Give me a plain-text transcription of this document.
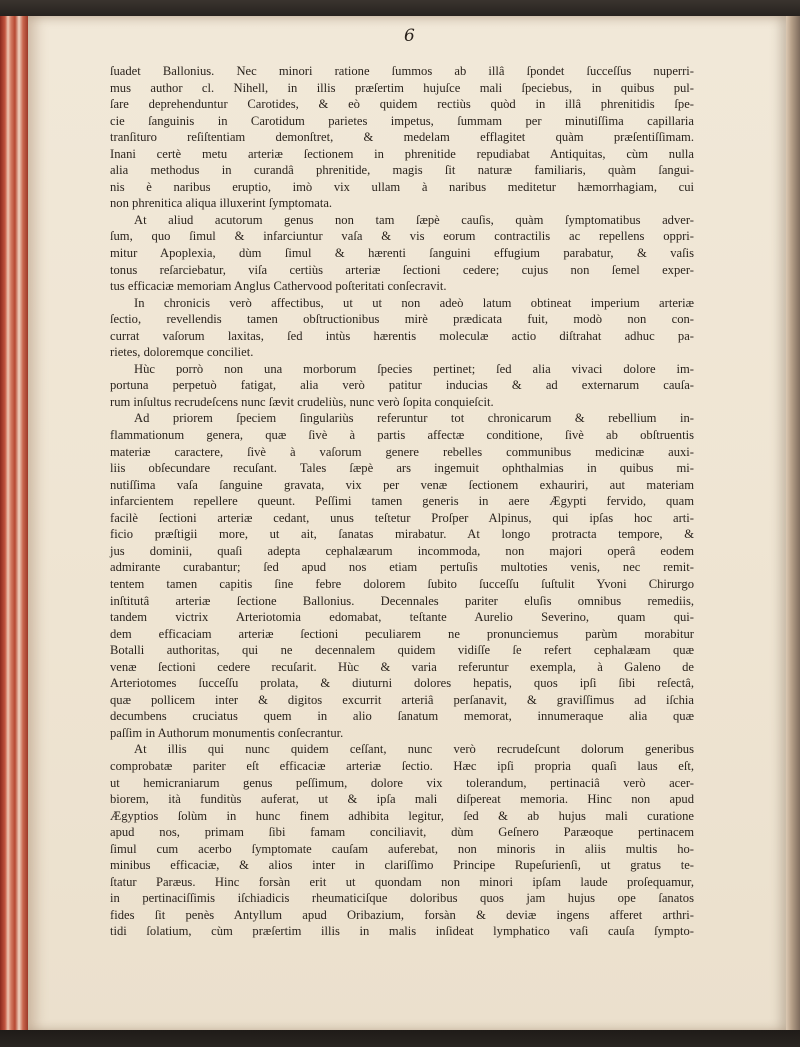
6

ſuadet Ballonius. Nec minori ratione ſummos ab illâ ſpondet ſucceſſus nuperri-
mus author cl. Nihell, in illis præſertim hujuſce mali ſpeciebus, in quibus pul-
ſare deprehenduntur Carotides, & eò quidem rectiùs quòd in illâ phrenitidis ſpe-
cie ſanguinis in Carotidum parietes impetus, ſummam per minutiſſima capillaria
tranſituro reſiſtentiam demonſtret, & medelam efflagitet quàm præſentiſſimam.
Inani certè metu arteriæ ſectionem in phrenitide repudiabat Antiquitas, cùm nulla
alia methodus in curandâ phrenitide, magis ſit naturæ familiaris, quàm ſangui-
nis è naribus eruptio, imò vix ullam à naribus meditetur hæmorrhagiam, cui
non phrenitica aliqua illuxerint ſymptomata.
At aliud acutorum genus non tam ſæpè cauſis, quàm ſymptomatibus adver-
ſum, quo ſimul & infarciuntur vaſa & vis eorum contractilis ac repellens oppri-
mitur Apoplexia, dùm ſimul & hærenti ſanguini effugium parabatur, & vaſis
tonus reſarciebatur, viſa certiùs arteriæ ſectioni cedere; cujus non ſemel exper-
tus efficaciæ memoriam Anglus Cathervood poſteritati conſecravit.
In chronicis verò affectibus, ut ut non adeò latum obtineat imperium arteriæ
ſectio, revellendis tamen obſtructionibus mirè prædicata fuit, modò non con-
currat vaſorum laxitas, ſed intùs hærentis moleculæ actio diſtrahat adhuc pa-
rietes, doloremque conciliet.
Hùc porrò non una morborum ſpecies pertinet; ſed alia vivaci dolore im-
portuna perpetuò fatigat, alia verò patitur inducias & ad externarum cauſa-
rum inſultus recrudeſcens nunc ſævit crudeliùs, nunc verò ſopita conquieſcit.
Ad priorem ſpeciem ſingulariùs referuntur tot chronicarum & rebellium in-
flammationum genera, quæ ſivè à partis affectæ conditione, ſivè ab obſtruentis
materiæ caractere, ſivè à vaſorum genere rebelles communibus medicinæ auxi-
liis obſecundare recuſant. Tales ſæpè ars ingemuit ophthalmias in quibus mi-
nutiſſima vaſa ſanguine gravata, vix per venæ ſectionem exhauriri, aut materiam
infarcientem repellere queunt. Peſſimi tamen generis in aere Ægypti fervido, quam
facilè ſectioni arteriæ cedant, unus teſtetur Proſper Alpinus, qui ipſas hoc arti-
ficio præſtigii more, ut ait, ſanatas mirabatur. At longo protracta tempore, &
jus dominii, quaſi adepta cephalæarum incommoda, non majori operâ eodem
admirante curabantur; ſed apud nos etiam pertuſis multoties venis, nec remit-
tentem tamen capitis ſine febre dolorem ſubito ſucceſſu ſuſtulit Yvoni Chirurgo
inſtitutâ arteriæ ſectione Ballonius. Decennales pariter eluſis omnibus remediis,
tandem victrix Arteriotomia edomabat, teſtante Aurelio Severino, quam qui-
dem efficaciam arteriæ ſectioni peculiarem ne pronunciemus parùm morabitur
Botalli authoritas, qui ne decennalem quidem vidiſſe ſe refert cephalæam quæ
venæ ſectioni cedere recuſarit. Hùc & varia referuntur exempla, à Galeno de
Arteriotomes ſucceſſu prolata, & diuturni dolores hepatis, quos ipſi ſibi reſectâ,
quæ pollicem inter & digitos excurrit arteriâ perſanavit, & graviſſimus ad iſchia
decumbens cruciatus quem in alio ſanatum memorat, innumeraque alia quæ
paſſim in Authorum monumentis conſecrantur.
At illis qui nunc quidem ceſſant, nunc verò recrudeſcunt dolorum generibus
comprobatæ pariter eſt efficaciæ arteriæ ſectio. Hæc ipſi propria quaſi laus eſt,
ut hemicraniarum genus peſſimum, dolore vix tolerandum, pertinaciâ verò acer-
biorem, ità funditùs auferat, ut & ipſa mali diſpereat memoria. Hinc non apud
Ægyptios ſolùm in hunc finem adhibita legitur, ſed & ab hujus mali curatione
apud nos, primam ſibi famam conciliavit, dùm Geſnero Paræoque pertinacem
ſimul cum acerbo ſymptomate cauſam auferebat, non minoris in aliis multis ho-
minibus efficaciæ, & alios inter in clariſſimo Principe Rupeſurienſi, ut gratus te-
ſtatur Paræus. Hinc forsàn erit ut quondam non minori ipſam laude proſequamur,
in pertinaciſſimis iſchiadicis rheumaticiſque doloribus quos jam hujus ope ſanatos
fides ſit penès Antyllum apud Oribazium, forsàn & deviæ ingens afferet arthri-
tidi ſolatium, cùm præſertim illis in malis inſideat lymphatico vaſi cauſa ſympto-
